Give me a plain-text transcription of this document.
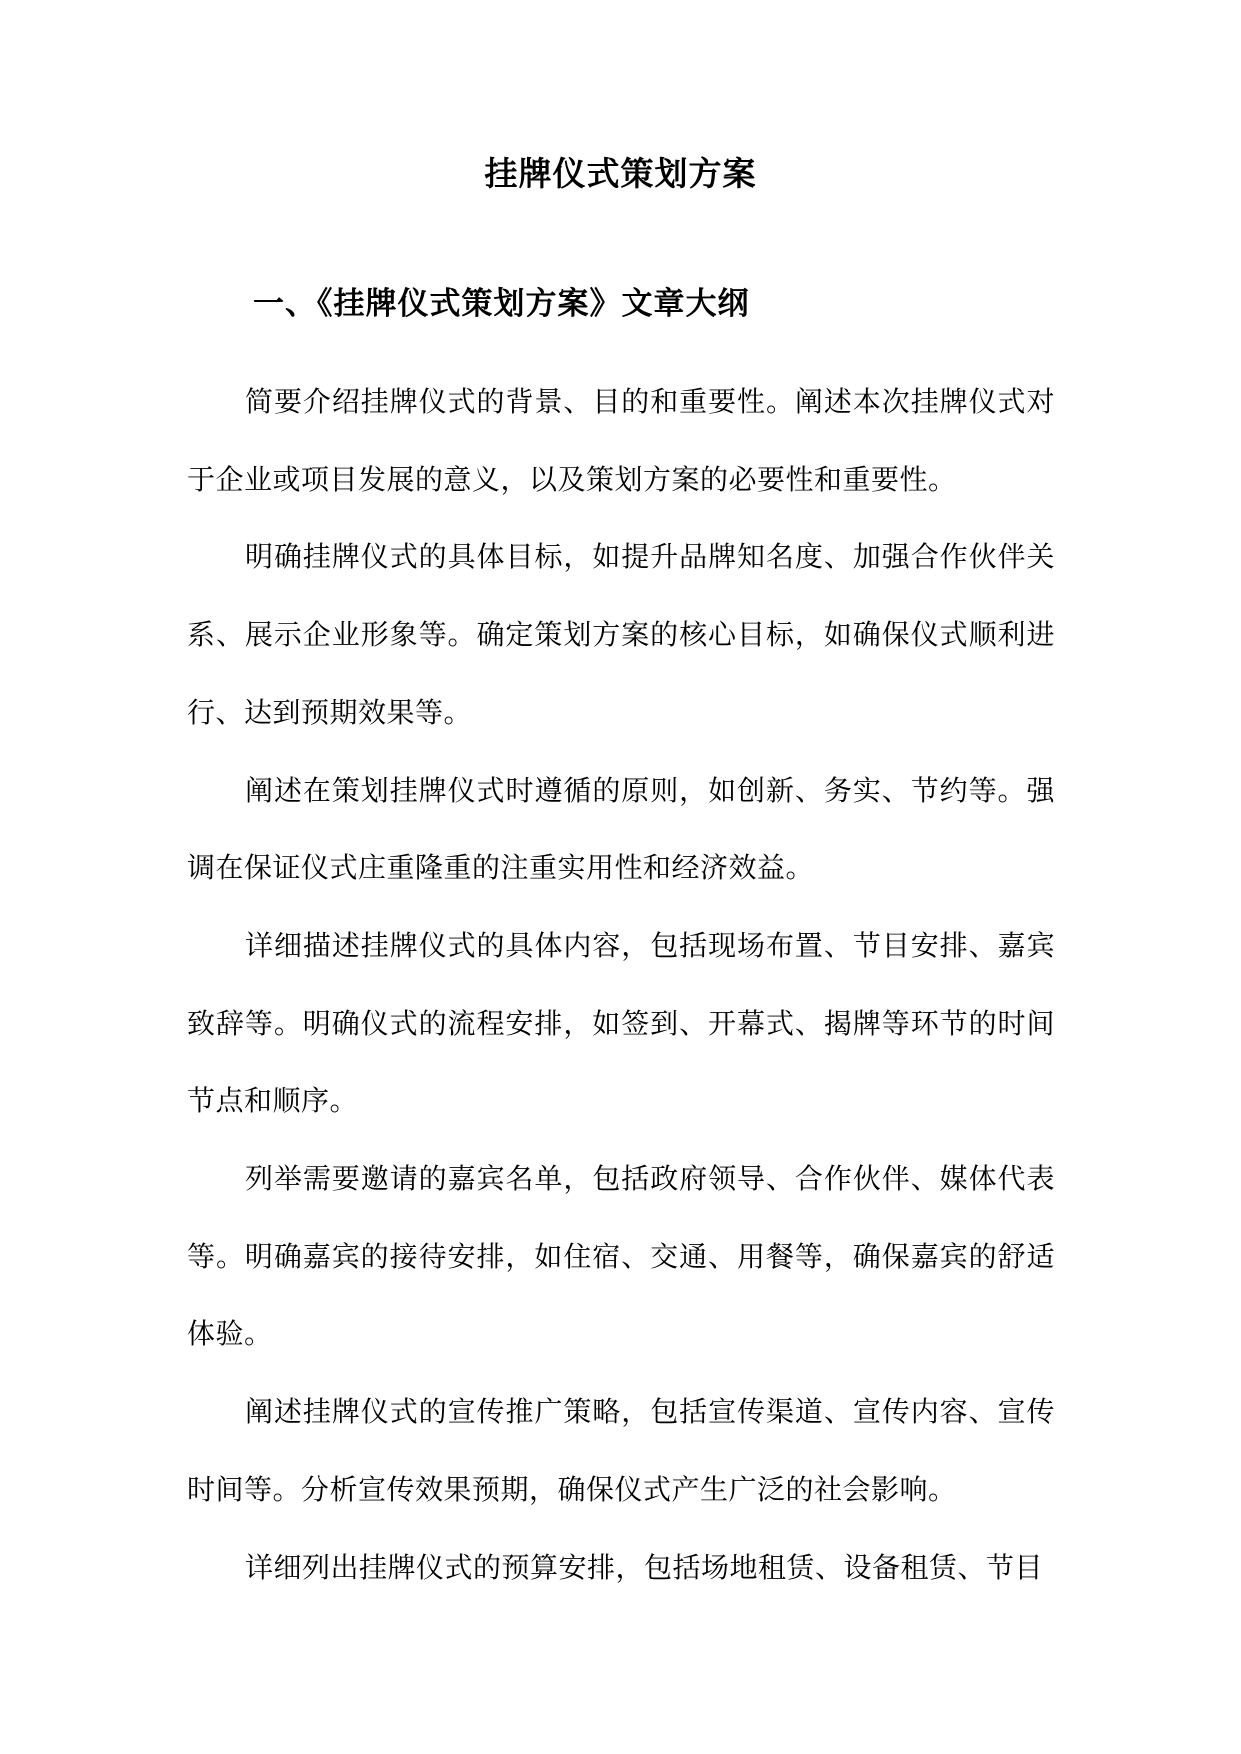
挂牌仪式策划方案
一、《挂牌仪式策划方案》文章大纲

简要介绍挂牌仪式的背景、目的和重要性。阐述本次挂牌仪式对于企业或项目发展的意义，以及策划方案的必要性和重要性。

明确挂牌仪式的具体目标，如提升品牌知名度、加强合作伙伴关系、展示企业形象等。确定策划方案的核心目标，如确保仪式顺利进行、达到预期效果等。

阐述在策划挂牌仪式时遵循的原则，如创新、务实、节约等。强调在保证仪式庄重隆重的注重实用性和经济效益。

详细描述挂牌仪式的具体内容，包括现场布置、节目安排、嘉宾致辞等。明确仪式的流程安排，如签到、开幕式、揭牌等环节的时间节点和顺序。

列举需要邀请的嘉宾名单，包括政府领导、合作伙伴、媒体代表等。明确嘉宾的接待安排，如住宿、交通、用餐等，确保嘉宾的舒适体验。

阐述挂牌仪式的宣传推广策略，包括宣传渠道、宣传内容、宣传时间等。分析宣传效果预期，确保仪式产生广泛的社会影响。

详细列出挂牌仪式的预算安排，包括场地租赁、设备租赁、节目
